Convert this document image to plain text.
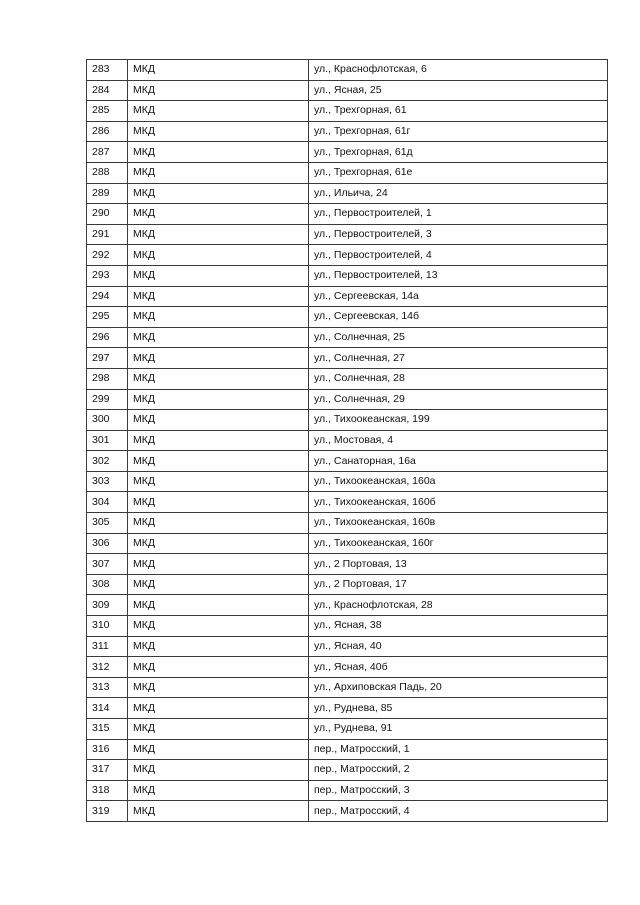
283	МКД	ул., Краснофлотская, 6
284	МКД	ул., Ясная, 25
285	МКД	ул., Трехгорная, 61
286	МКД	ул., Трехгорная, 61г
287	МКД	ул., Трехгорная, 61д
288	МКД	ул., Трехгорная, 61е
289	МКД	ул., Ильича, 24
290	МКД	ул., Первостроителей, 1
291	МКД	ул., Первостроителей, 3
292	МКД	ул., Первостроителей, 4
293	МКД	ул., Первостроителей, 13
294	МКД	ул., Сергеевская, 14а
295	МКД	ул., Сергеевская, 14б
296	МКД	ул., Солнечная, 25
297	МКД	ул., Солнечная, 27
298	МКД	ул., Солнечная, 28
299	МКД	ул., Солнечная, 29
300	МКД	ул., Тихоокеанская, 199
301	МКД	ул., Мостовая, 4
302	МКД	ул., Санаторная, 16а
303	МКД	ул., Тихоокеанская, 160а
304	МКД	ул., Тихоокеанская, 160б
305	МКД	ул., Тихоокеанская, 160в
306	МКД	ул., Тихоокеанская, 160г
307	МКД	ул., 2 Портовая, 13
308	МКД	ул., 2 Портовая, 17
309	МКД	ул., Краснофлотская, 28
310	МКД	ул., Ясная, 38
311	МКД	ул., Ясная, 40
312	МКД	ул., Ясная, 40б
313	МКД	ул., Архиповская Падь, 20
314	МКД	ул., Руднева, 85
315	МКД	ул., Руднева, 91
316	МКД	пер., Матросский, 1
317	МКД	пер., Матросский, 2
318	МКД	пер., Матросский, 3
319	МКД	пер., Матросский, 4
